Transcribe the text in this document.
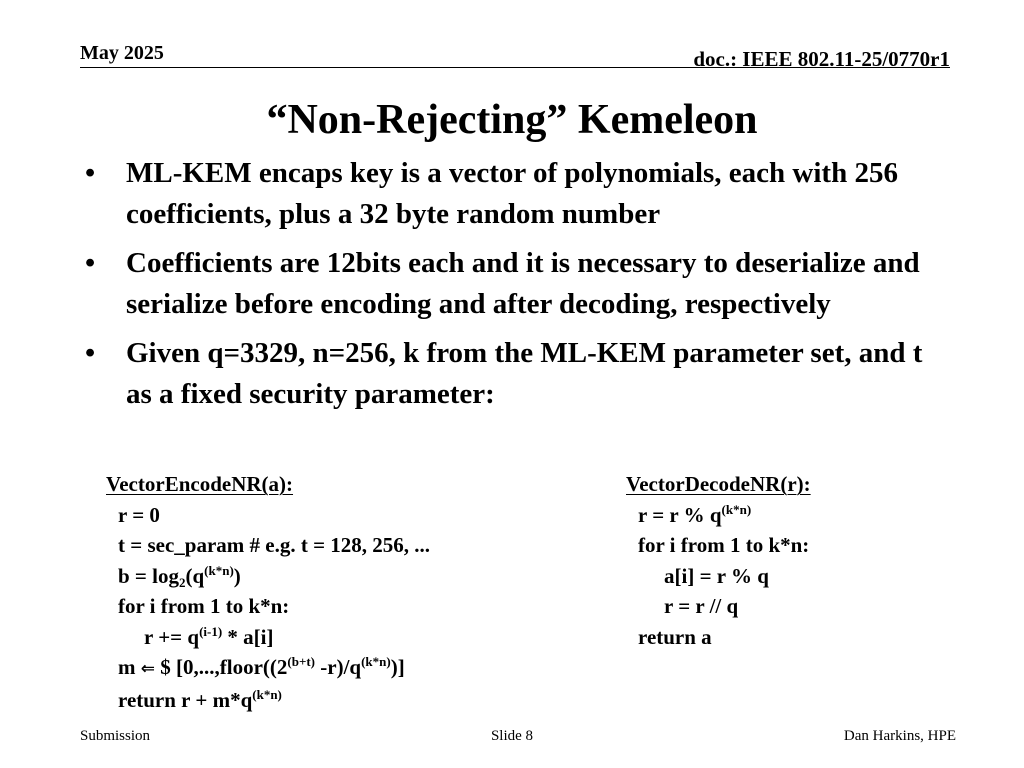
May 2025	doc.: IEEE 802.11-25/0770r1
“Non-Rejecting” Kemeleon
• ML-KEM encaps key is a vector of polynomials, each with 256 coefficients, plus a 32 byte random number
• Coefficients are 12bits each and it is necessary to deserialize and serialize before encoding and after decoding, respectively
• Given q=3329, n=256, k from the ML-KEM parameter set, and t as a fixed security parameter:
VectorEncodeNR(a):
r = 0
t = sec_param # e.g. t = 128, 256, ...
$b = \log_2(q^{(k*n)})$
for i from 1 to k*n:
$r += q^{(i-1)} * a[i]$
m ⇐ $ [$0,...,floor((2^{(b+t)}$ $-r)/q^{(k*n)}$)]
return $r + m*q^{(k*n)}$
VectorDecodeNR(r):
r = r % $q^{(k*n)}$
for i from 1 to k*n:
a[i] = r % q
r = r // q
return a
Submission	Slide 8	Dan Harkins, HPE
